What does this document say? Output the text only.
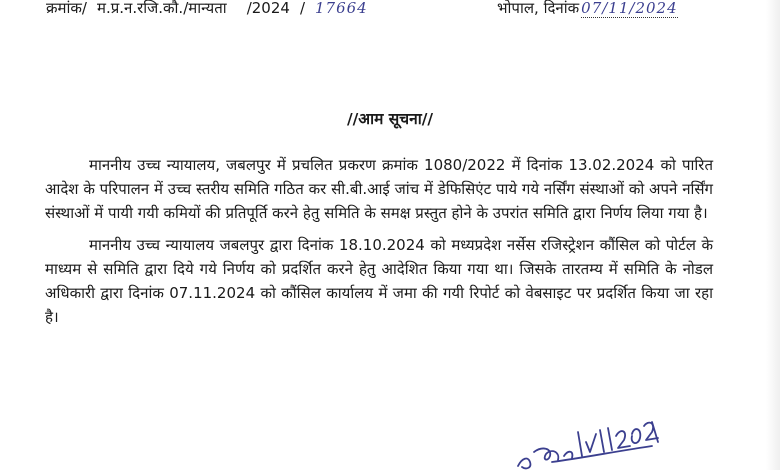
क्रमांक/ म.प्र.न.रजि.कौ./मान्यता /2024 / 17664	भोपाल, दिनांक 07/11/2024
//आम सूचना//

माननीय उच्च न्यायालय, जबलपुर में प्रचलित प्रकरण क्रमांक 1080/2022 में दिनांक 13.02.2024 को पारित आदेश के परिपालन में उच्च स्तरीय समिति गठित कर सी.बी.आई जांच में डेफिसिएंट पाये गये नर्सिंग संस्थाओं को अपने नर्सिंग संस्थाओं में पायी गयी कमियों की प्रतिपूर्ति करने हेतु समिति के समक्ष प्रस्तुत होने के उपरांत समिति द्वारा निर्णय लिया गया है।

माननीय उच्च न्यायालय जबलपुर द्वारा दिनांक 18.10.2024 को मध्यप्रदेश नर्सेस रजिस्ट्रेशन कौंसिल को पोर्टल के माध्यम से समिति द्वारा दिये गये निर्णय को प्रदर्शित करने हेतु आदेशित किया गया था। जिसके तारतम्य में समिति के नोडल अधिकारी द्वारा दिनांक 07.11.2024 को कौंसिल कार्यालय में जमा की गयी रिपोर्ट को वेबसाइट पर प्रदर्शित किया जा रहा है।
